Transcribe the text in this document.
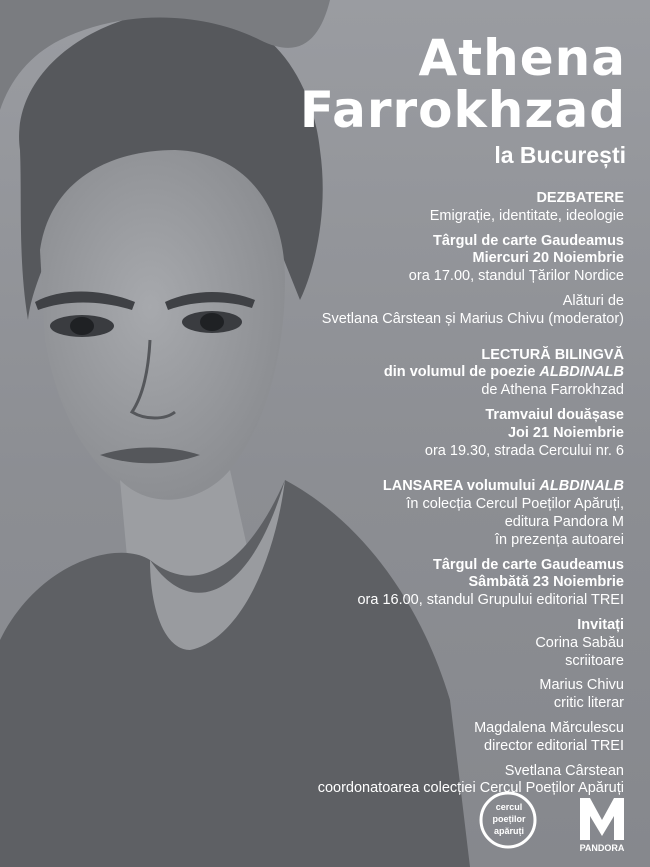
Athena
Farrokhzad
la București
DEZBATERE
Emigrație, identitate, ideologie
Târgul de carte Gaudeamus
Miercuri 20 Noiembrie
ora 17.00, standul Țărilor Nordice
Alături de
Svetlana Cârstean și Marius Chivu (moderator)
LECTURĂ BILINGVĂ
din volumul de poezie ALBDINALB
de Athena Farrokhzad
Tramvaiul douășase
Joi 21 Noiembrie
ora 19.30, strada Cercului nr. 6
LANSAREA volumului ALBDINALB
în colecția Cercul Poeților Apăruți,
editura Pandora M
în prezența autoarei
Târgul de carte Gaudeamus
Sâmbătă 23 Noiembrie
ora 16.00, standul Grupului editorial TREI
Invitați
Corina Sabău
scriitoare
Marius Chivu
critic literar
Magdalena Mărculescu
director editorial TREI
Svetlana Cârstean
coordonatoarea colecției Cercul Poeților Apăruți
cercul
poeților
apăruți
PANDORA
